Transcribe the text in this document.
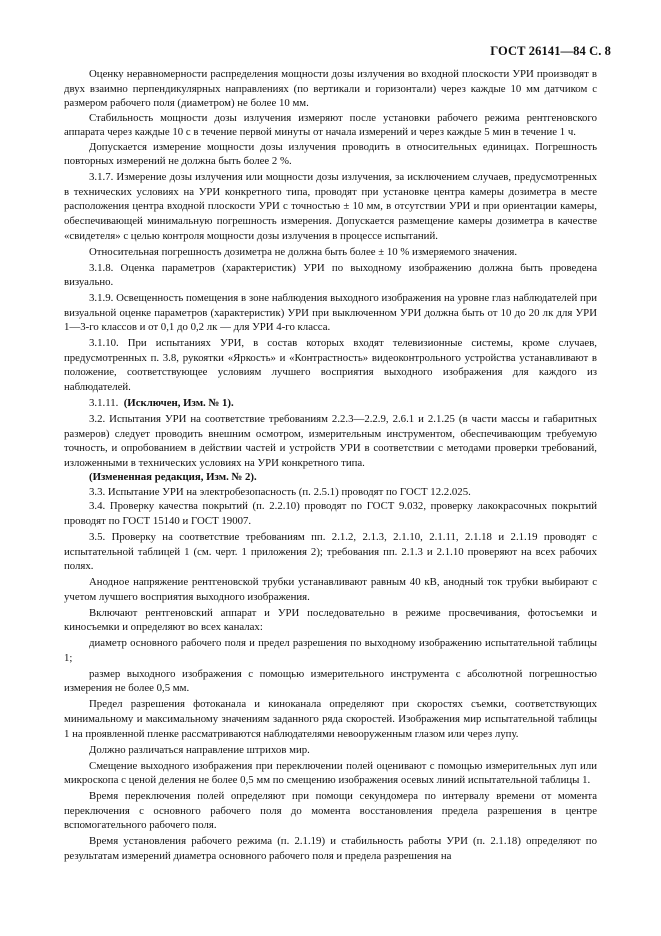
ГОСТ 26141—84 С. 8

Оценку неравномерности распределения мощности дозы излучения во входной плоскости УРИ производят в двух взаимно перпендикулярных направлениях (по вертикали и горизонтали) через каждые 10 мм датчиком с размером рабочего поля (диаметром) не более 10 мм.

Стабильность мощности дозы излучения измеряют после установки рабочего режима рентгеновского аппарата через каждые 10 с в течение первой минуты от начала измерений и через каждые 5 мин в течение 1 ч.

Допускается измерение мощности дозы излучения проводить в относительных единицах. Погрешность повторных измерений не должна быть более 2 %.

3.1.7. Измерение дозы излучения или мощности дозы излучения, за исключением случаев, предусмотренных в технических условиях на УРИ конкретного типа, проводят при установке центра камеры дозиметра в месте расположения центра входной плоскости УРИ с точностью ± 10 мм, в отсутствии УРИ и при ориентации камеры, обеспечивающей минимальную погрешность измерения. Допускается размещение камеры дозиметра в качестве «свидетеля» с целью контроля мощности дозы излучения в процессе испытаний.

Относительная погрешность дозиметра не должна быть более ± 10 % измеряемого значения.

3.1.8. Оценка параметров (характеристик) УРИ по выходному изображению должна быть проведена визуально.

3.1.9. Освещенность помещения в зоне наблюдения выходного изображения на уровне глаз наблюдателей при визуальной оценке параметров (характеристик) УРИ при выключенном УРИ должна быть от 10 до 20 лк для УРИ 1—3-го классов и от 0,1 до 0,2 лк — для УРИ 4-го класса.

3.1.10. При испытаниях УРИ, в состав которых входят телевизионные системы, кроме случаев, предусмотренных п. 3.8, рукоятки «Яркость» и «Контрастность» видеоконтрольного устройства устанавливают в положение, соответствующее условиям лучшего восприятия выходного изображения для каждого из наблюдателей.

3.1.11. (Исключен, Изм. № 1).

3.2. Испытания УРИ на соответствие требованиям 2.2.3—2.2.9, 2.6.1 и 2.1.25 (в части массы и габаритных размеров) следует проводить внешним осмотром, измерительным инструментом, обеспечивающим требуемую точность, и опробованием в действии частей и устройств УРИ в соответствии с методами проверки требований, изложенными в технических условиях на УРИ конкретного типа.

(Измененная редакция, Изм. № 2).

3.3. Испытание УРИ на электробезопасность (п. 2.5.1) проводят по ГОСТ 12.2.025.

3.4. Проверку качества покрытий (п. 2.2.10) проводят по ГОСТ 9.032, проверку лакокрасочных покрытий проводят по ГОСТ 15140 и ГОСТ 19007.

3.5. Проверку на соответствие требованиям пп. 2.1.2, 2.1.3, 2.1.10, 2.1.11, 2.1.18 и 2.1.19 проводят с испытательной таблицей 1 (см. черт. 1 приложения 2); требования пп. 2.1.3 и 2.1.10 проверяют на всех рабочих полях.

Анодное напряжение рентгеновской трубки устанавливают равным 40 кВ, анодный ток трубки выбирают с учетом лучшего восприятия выходного изображения.

Включают рентгеновский аппарат и УРИ последовательно в режиме просвечивания, фотосъемки и киносъемки и определяют во всех каналах:

диаметр основного рабочего поля и предел разрешения по выходному изображению испытательной таблицы 1;

размер выходного изображения с помощью измерительного инструмента с абсолютной погрешностью измерения не более 0,5 мм.

Предел разрешения фотоканала и киноканала определяют при скоростях съемки, соответствующих минимальному и максимальному значениям заданного ряда скоростей. Изображения мир испытательной таблицы 1 на проявленной пленке рассматриваются наблюдателями невооруженным глазом или через лупу.

Должно различаться направление штрихов мир.

Смещение выходного изображения при переключении полей оценивают с помощью измерительных луп или микроскопа с ценой деления не более 0,5 мм по смещению изображения осевых линий испытательной таблицы 1.

Время переключения полей определяют при помощи секундомера по интервалу времени от момента переключения с основного рабочего поля до момента восстановления предела разрешения в центре вспомогательного рабочего поля.

Время установления рабочего режима (п. 2.1.19) и стабильность работы УРИ (п. 2.1.18) определяют по результатам измерений диаметра основного рабочего поля и предела разрешения на
